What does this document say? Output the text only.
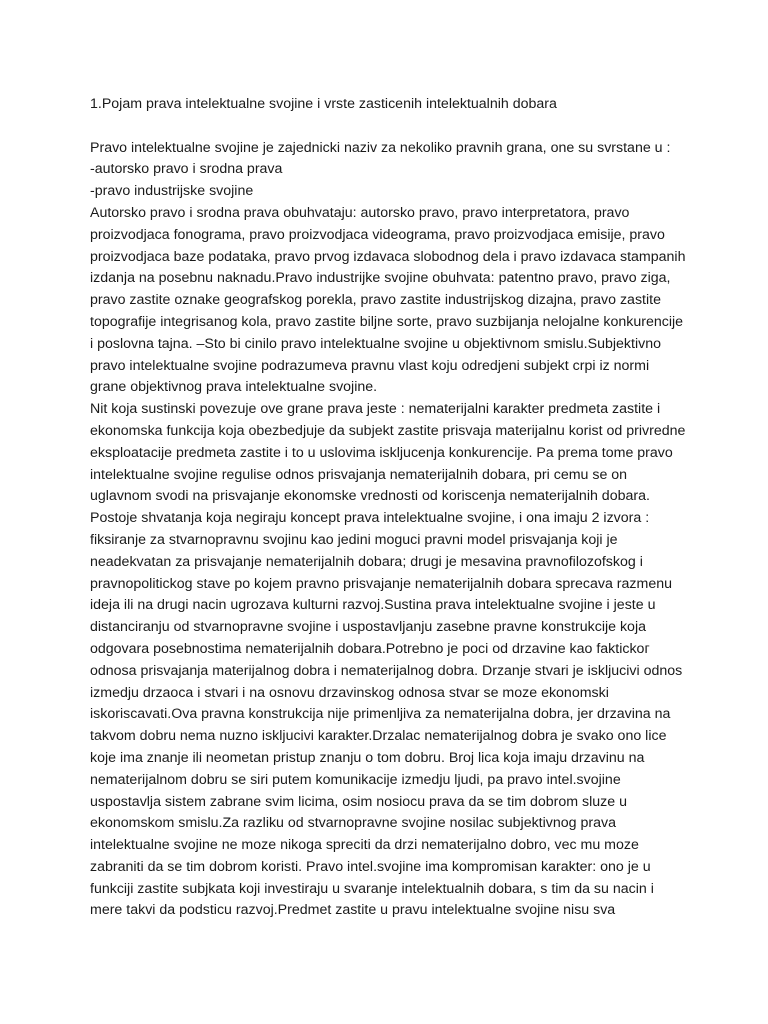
1.Pojam prava intelektualne svojine i vrste zasticenih intelektualnih dobara
Pravo intelektualne svojine je zajednicki naziv za nekoliko pravnih grana, one su svrstane u :
-autorsko pravo i srodna prava
-pravo industrijske svojine
Autorsko pravo i srodna prava obuhvataju: autorsko pravo, pravo interpretatora, pravo
proizvodjaca fonograma, pravo proizvodjaca videograma, pravo proizvodjaca emisije, pravo
proizvodjaca baze podataka, pravo prvog izdavaca slobodnog dela i pravo izdavaca stampanih
izdanja na posebnu naknadu.Pravo industrijke svojine obuhvata: patentno pravo, pravo ziga,
pravo zastite oznake geografskog porekla, pravo zastite industrijskog dizajna, pravo zastite
topografije integrisanog kola, pravo zastite biljne sorte, pravo suzbijanja nelojalne konkurencije
i poslovna tajna. –Sto bi cinilo pravo intelektualne svojine u objektivnom smislu.Subjektivno
pravo intelektualne svojine podrazumeva pravnu vlast koju odredjeni subjekt crpi iz normi
grane objektivnog prava intelektualne svojine.
Nit koja sustinski povezuje ove grane prava jeste : nematerijalni karakter predmeta zastite i
ekonomska funkcija koja obezbedjuje da subjekt zastite prisvaja materijalnu korist od privredne
eksploatacije predmeta zastite i to u uslovima iskljucenja konkurencije. Pa prema tome pravo
intelektualne svojine regulise odnos prisvajanja nematerijalnih dobara, pri cemu se on
uglavnom svodi na prisvajanje ekonomske vrednosti od koriscenja nematerijalnih dobara.
Postoje shvatanja koja negiraju koncept prava intelektualne svojine, i ona imaju 2 izvora :
fiksiranje za stvarnopravnu svojinu kao jedini moguci pravni model prisvajanja koji je
neadekvatan za prisvajanje nematerijalnih dobara; drugi je mesavina pravnofilozofskog i
pravnopolitickog stave po kojem pravno prisvajanje nematerijalnih dobara sprecava razmenu
ideja ili na drugi nacin ugrozava kulturni razvoj.Sustina prava intelektualne svojine i jeste u
distanciranju od stvarnopravne svojine i uspostavljanju zasebne pravne konstrukcije koja
odgovara posebnostima nematerijalnih dobara.Potrebno je poci od drzavine kao faktickoг
odnosa prisvajanja materijalnog dobra i nematerijalnog dobra. Drzanje stvari je iskljucivi odnos
izmedju drzaoca i stvari i na osnovu drzavinskog odnosa stvar se moze ekonomski
iskoriscavati.Ova pravna konstrukcija nije primenljiva za nematerijalna dobra, jer drzavina na
takvom dobru nema nuzno iskljucivi karakter.Drzalac nematerijalnog dobra je svako ono lice
koje ima znanje ili neometan pristup znanju o tom dobru. Broj lica koja imaju drzavinu na
nematerijalnom dobru se siri putem komunikacije izmedju ljudi, pa pravo intel.svojine
uspostavlja sistem zabrane svim licima, osim nosiocu prava da se tim dobrom sluze u
ekonomskom smislu.Za razliku od stvarnopravne svojine nosilac subjektivnog prava
intelektualne svojine ne moze nikoga spreciti da drzi nematerijalno dobro, vec mu moze
zabraniti da se tim dobrom koristi. Pravo intel.svojine ima kompromisan karakter: ono je u
funkciji zastite subjkata koji investiraju u svaranje intelektualnih dobara, s tim da su nacin i
mere takvi da podsticu razvoj.Predmet zastite u pravu intelektualne svojine nisu sva
